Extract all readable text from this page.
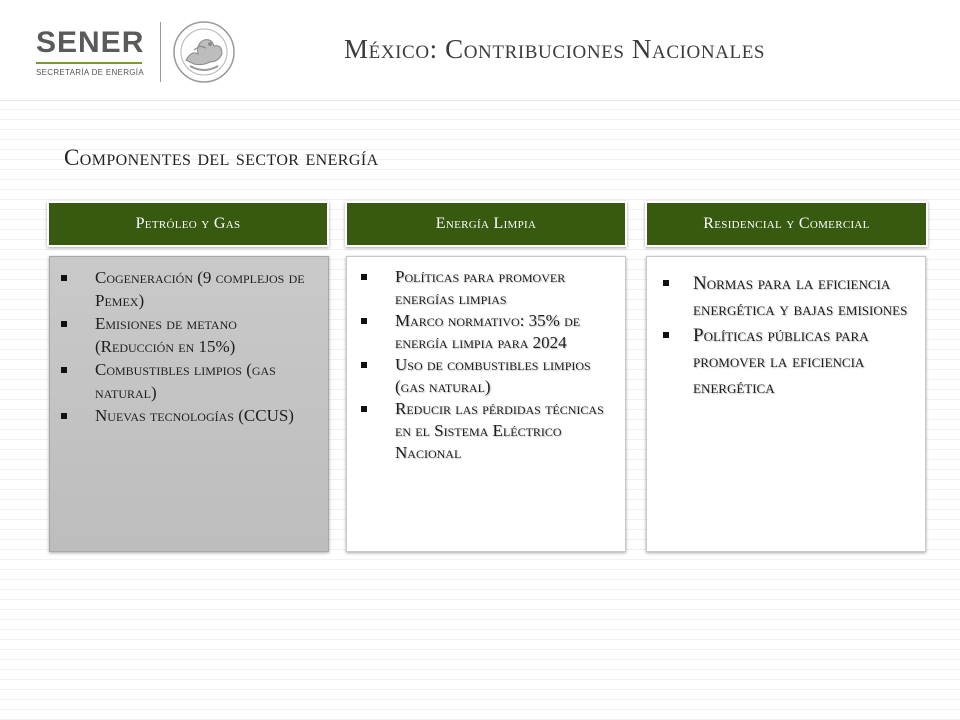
SENER
SECRETARÍA DE ENERGÍA
México: Contribuciones Nacionales
Componentes del sector energía
Petróleo y Gas	Energía Limpia	Residencial y Comercial
Cogeneración (9 complejos de Pemex)
Emisiones de metano (Reducción en 15%)
Combustibles limpios (gas natural)
Nuevas tecnologías (CCUS)
Políticas para promover energías limpias
Marco normativo: 35% de energía limpia para 2024
Uso de combustibles limpios (gas natural)
Reducir las pérdidas técnicas en el Sistema Eléctrico Nacional
Normas para la eficiencia energética y bajas emisiones
Políticas públicas para promover la eficiencia energética
